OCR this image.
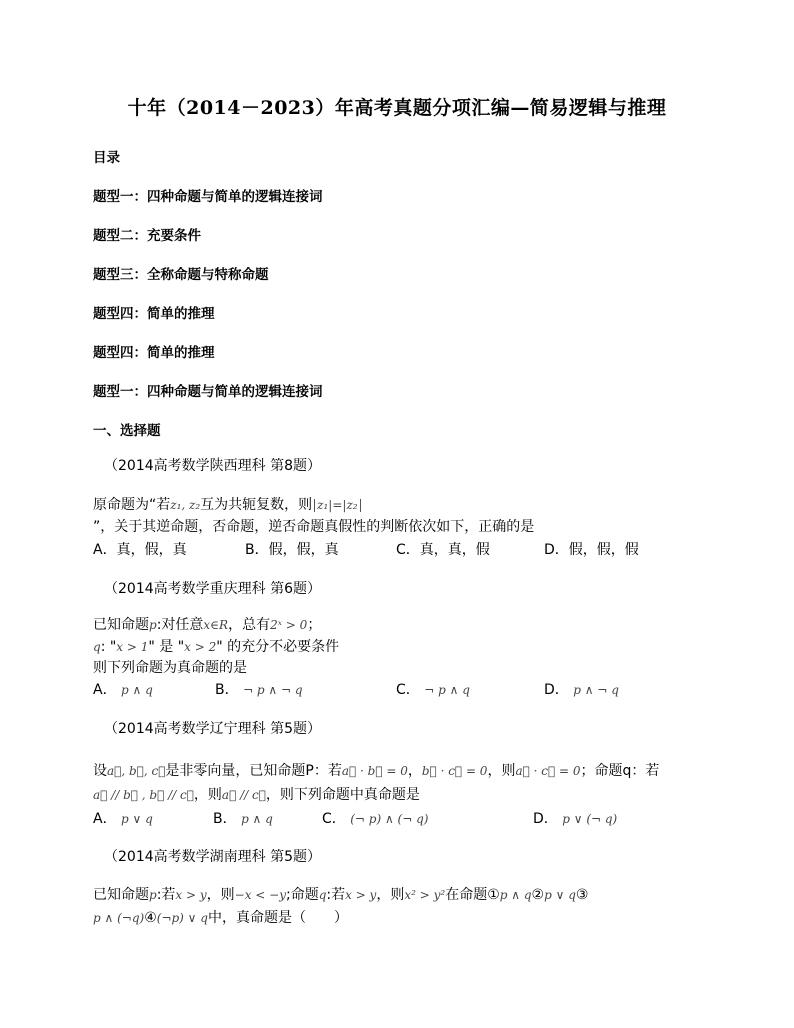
十年（2014－2023）年高考真题分项汇编—简易逻辑与推理
目录
题型一：四种命题与简单的逻辑连接词
题型二：充要条件
题型三：全称命题与特称命题
题型四：简单的推理
题型四：简单的推理
题型一：四种命题与简单的逻辑连接词
一、选择题
（2014高考数学陕西理科 第8题）
原命题为“若z₁, z₂互为共轭复数，则 z₁|=|z₂
”，关于其逆命题，否命题，逆否命题真假性的判断依次如下，正确的是
A．真，假，真	B．假，假，真	C．真，真，假	D．假，假，假
（2014高考数学重庆理科 第6题）
已知命题p:对任意x∈R，总有2ˣ > 0；
q: "x > 1" 是 "x > 2" 的充分不必要条件
则下列命题为真命题的是
A． p ∧ q	B． ¬ p ∧ ¬ q	C． ¬ p ∧ q	D． p ∧ ¬ q
（2014高考数学辽宁理科 第5题）
设a⃗, b⃗, c⃗是非零向量，已知命题P：若a⃗ · b⃗ = 0，b⃗ · c⃗ = 0，则a⃗ · c⃗ = 0；命题q：若
a⃗ // b⃗ , b⃗ // c⃗，则a⃗ // c⃗，则下列命题中真命题是
A． p ∨ q	B． p ∧ q	C． (¬ p) ∧ (¬ q)	D． p ∨ (¬ q)
（2014高考数学湖南理科 第5题）
已知命题p:若x > y，则−x < −y;命题q:若x > y，则x² > y²在命题①p ∧ q②p ∨ q③
p ∧ (¬q)④(¬p) ∨ q中，真命题是（　　）
